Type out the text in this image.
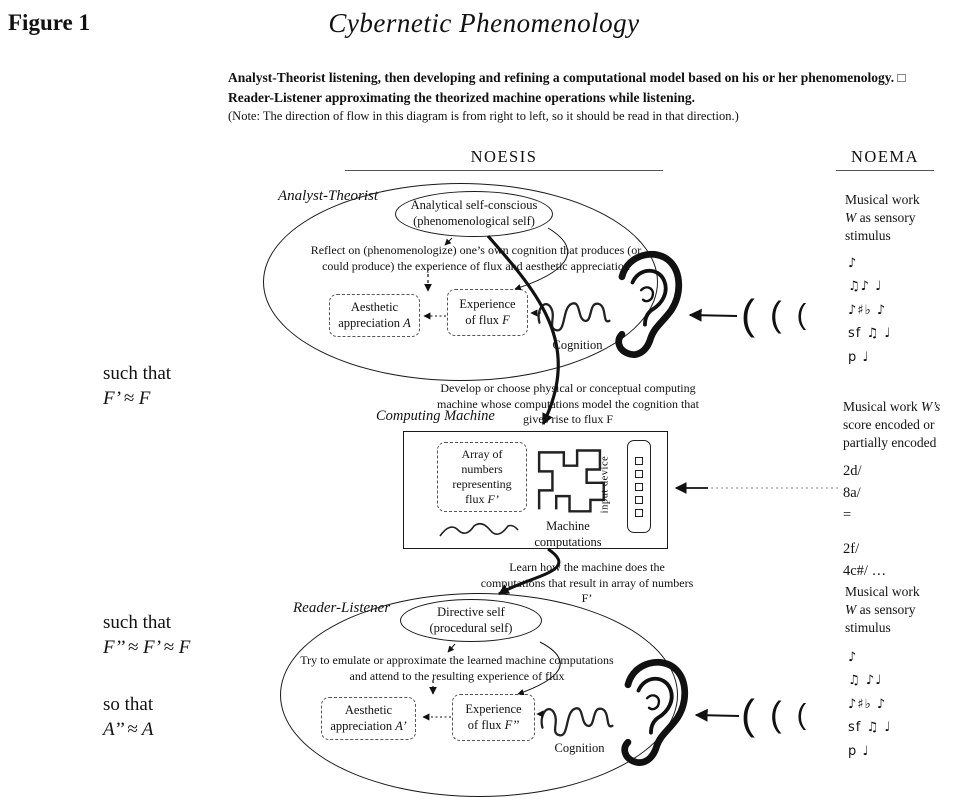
Figure 1	Cybernetic Phenomenology
Analyst-Theorist listening, then developing and refining a computational model based on his or her phenomenology. □
Reader-Listener approximating the theorized machine operations while listening.
(Note: The direction of flow in this diagram is from right to left, so it should be read in that direction.)
NOESIS	NOEMA
such that
F’ ≈ F
such that
F’’ ≈ F’ ≈ F
so that
A’’ ≈ A
Analyst-Theorist
Analytical self-conscious
(phenomenological self)
Reflect on (phenomenologize) one’s own cognition that produces (or could produce) the experience of flux and aesthetic appreciation
Aesthetic
appreciation A
Experience
of flux F
Cognition
( ( (
Musical work W as sensory stimulus
♪
♫♪ ♩
♪♯♭ ♪
sf ♫ ♩
p ♩
Develop or choose physical or conceptual computing machine whose computations model the cognition that gives rise to flux F
Computing Machine
Array of
numbers
representing
flux F’
Machine
computations
input device
Musical work W’s score encoded or partially encoded
2d/
8a/
=
2f/
4c#/ …
Learn how the machine does the computations that result in array of numbers F’
Reader-Listener	Directive self
(procedural self)
Try to emulate or approximate the learned machine computations and attend to the resulting experience of flux
Aesthetic
appreciation A’
Experience
of flux F’’
Cognition
( ( (
Musical work W as sensory stimulus
♪
♫ ♪♩
♪♯♭ ♪
sf ♫ ♩
p ♩
